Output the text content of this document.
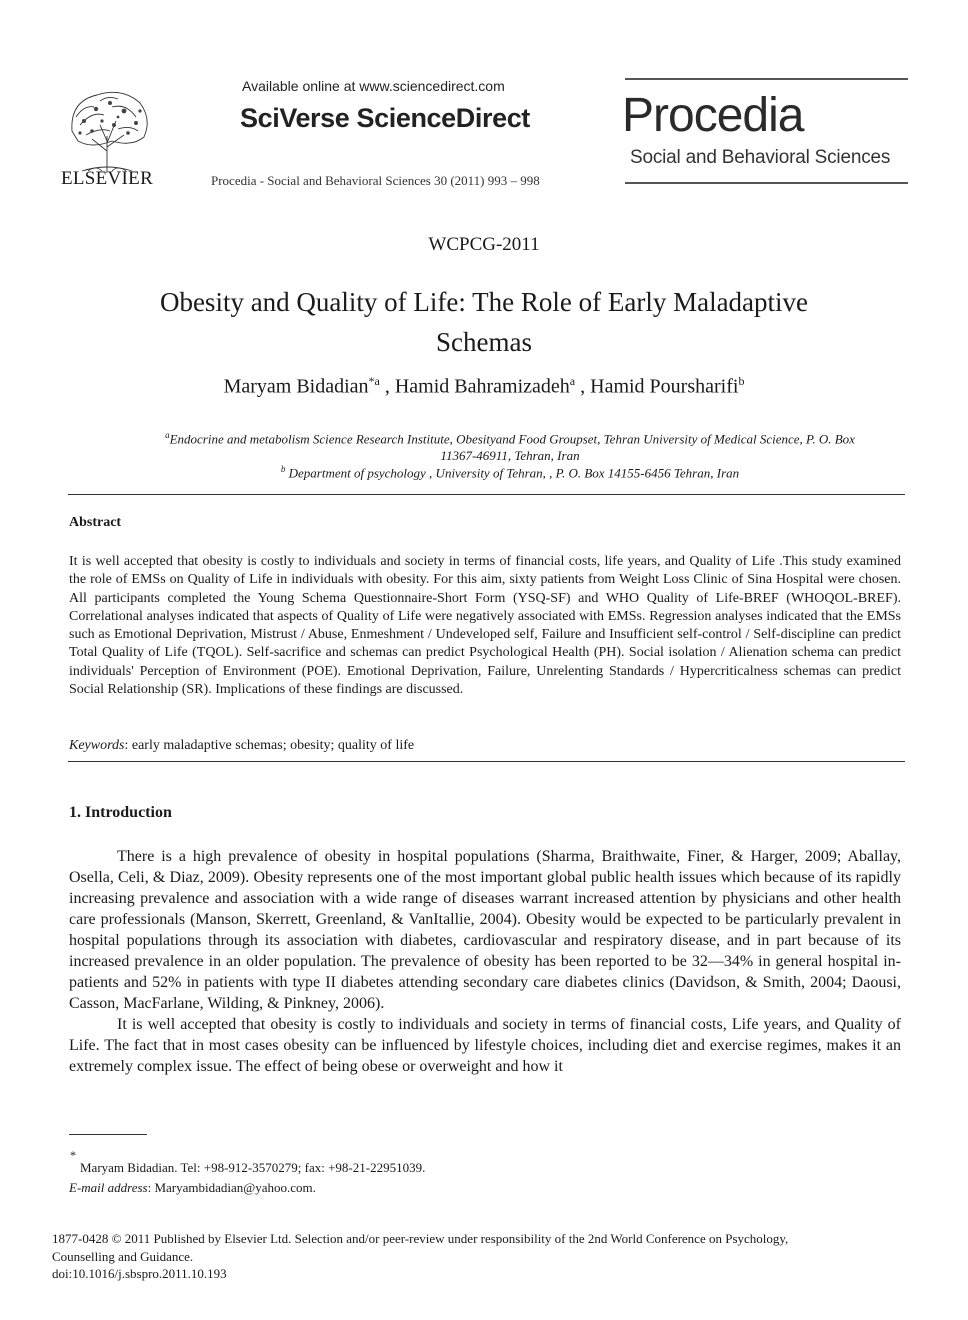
ELSEVIER
Available online at www.sciencedirect.com
SciVerse ScienceDirect
Procedia - Social and Behavioral Sciences 30 (2011) 993 – 998
Procedia
Social and Behavioral Sciences
WCPCG-2011
Obesity and Quality of Life: The Role of Early Maladaptive
Schemas
Maryam Bidadian$^{*a}$ , Hamid Bahramizadeh$^a$ , Hamid Poursharifi$^b$
$^a$Endocrine and metabolism Science Research Institute, Obesityand Food Groupset, Tehran University of Medical Science, P. O. Box
11367-46911, Tehran, Iran
$^b$ Department of psychology , University of Tehran, , P. O. Box 14155-6456 Tehran, Iran
Abstract
It is well accepted that obesity is costly to individuals and society in terms of financial costs, life years, and Quality of Life .This study examined the role of EMSs on Quality of Life in individuals with obesity. For this aim, sixty patients from Weight Loss Clinic of Sina Hospital were chosen. All participants completed the Young Schema Questionnaire-Short Form (YSQ-SF) and WHO Quality of Life-BREF (WHOQOL-BREF). Correlational analyses indicated that aspects of Quality of Life were negatively associated with EMSs. Regression analyses indicated that the EMSs such as Emotional Deprivation, Mistrust / Abuse, Enmeshment / Undeveloped self, Failure and Insufficient self-control / Self-discipline can predict Total Quality of Life (TQOL). Self-sacrifice and schemas can predict Psychological Health (PH). Social isolation / Alienation schema can predict individuals' Perception of Environment (POE). Emotional Deprivation, Failure, Unrelenting Standards / Hypercriticalness schemas can predict Social Relationship (SR). Implications of these findings are discussed.
Keywords: early maladaptive schemas; obesity; quality of life
1. Introduction

There is a high prevalence of obesity in hospital populations (Sharma, Braithwaite, Finer, & Harger, 2009; Aballay, Osella, Celi, & Diaz, 2009). Obesity represents one of the most important global public health issues which because of its rapidly increasing prevalence and association with a wide range of diseases warrant increased attention by physicians and other health care professionals (Manson, Skerrett, Greenland, & VanItallie, 2004). Obesity would be expected to be particularly prevalent in hospital populations through its association with diabetes, cardiovascular and respiratory disease, and in part because of its increased prevalence in an older population. The prevalence of obesity has been reported to be 32—34% in general hospital in-patients and 52% in patients with type II diabetes attending secondary care diabetes clinics (Davidson, & Smith, 2004; Daousi, Casson, MacFarlane, Wilding, & Pinkney, 2006).

It is well accepted that obesity is costly to individuals and society in terms of financial costs, Life years, and Quality of Life. The fact that in most cases obesity can be influenced by lifestyle choices, including diet and exercise regimes, makes it an extremely complex issue. The effect of being obese or overweight and how it

*
Maryam Bidadian. Tel: +98-912-3570279; fax: +98-21-22951039.
E-mail address: Maryambidadian@yahoo.com.
1877-0428 © 2011 Published by Elsevier Ltd. Selection and/or peer-review under responsibility of the 2nd World Conference on Psychology,
Counselling and Guidance.
doi:10.1016/j.sbspro.2011.10.193
